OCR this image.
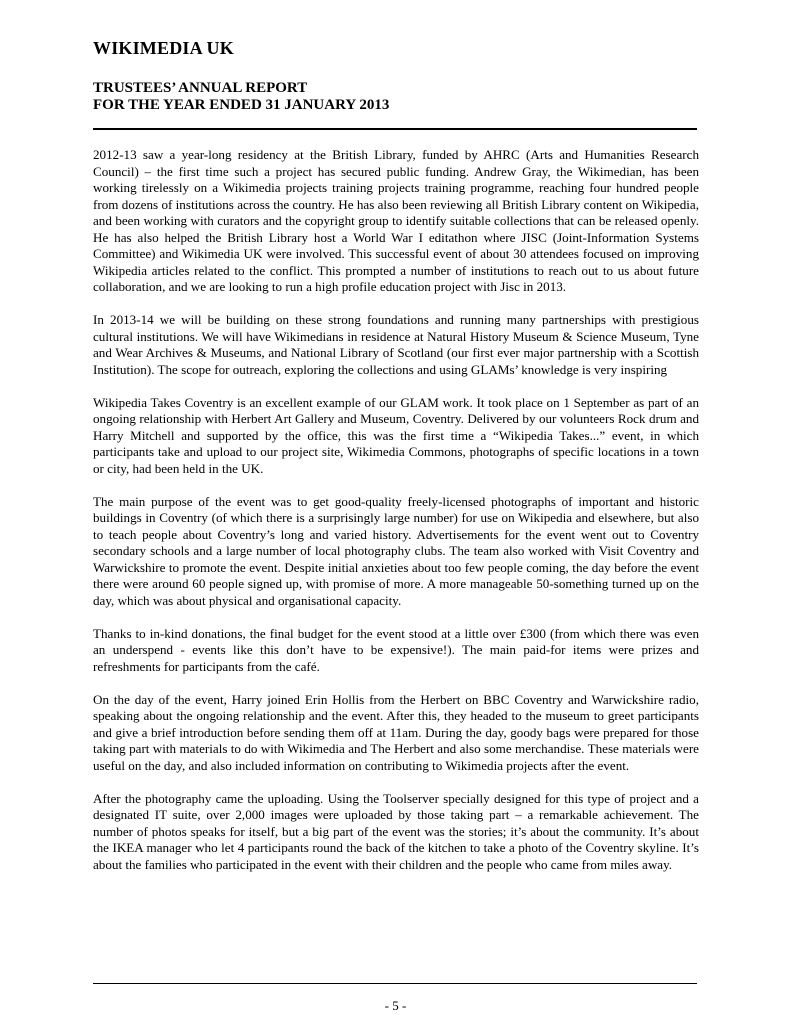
WIKIMEDIA UK
TRUSTEES’ ANNUAL REPORT
FOR THE YEAR ENDED 31 JANUARY 2013

2012-13 saw a year-long residency at the British Library, funded by AHRC (Arts and Humanities Research Council) – the first time such a project has secured public funding. Andrew Gray, the Wikimedian, has been working tirelessly on a Wikimedia projects training projects training programme, reaching four hundred people from dozens of institutions across the country. He has also been reviewing all British Library content on Wikipedia, and been working with curators and the copyright group to identify suitable collections that can be released openly. He has also helped the British Library host a World War I editathon where JISC (Joint-Information Systems Committee) and Wikimedia UK were involved. This successful event of about 30 attendees focused on improving Wikipedia articles related to the conflict. This prompted a number of institutions to reach out to us about future collaboration, and we are looking to run a high profile education project with Jisc in 2013.

In 2013-14 we will be building on these strong foundations and running many partnerships with prestigious cultural institutions. We will have Wikimedians in residence at Natural History Museum & Science Museum, Tyne and Wear Archives & Museums, and National Library of Scotland (our first ever major partnership with a Scottish Institution). The scope for outreach, exploring the collections and using GLAMs’ knowledge is very inspiring

Wikipedia Takes Coventry is an excellent example of our GLAM work. It took place on 1 September as part of an ongoing relationship with Herbert Art Gallery and Museum, Coventry. Delivered by our volunteers Rock drum and Harry Mitchell and supported by the office, this was the first time a “Wikipedia Takes...” event, in which participants take and upload to our project site, Wikimedia Commons, photographs of specific locations in a town or city, had been held in the UK.

The main purpose of the event was to get good-quality freely-licensed photographs of important and historic buildings in Coventry (of which there is a surprisingly large number) for use on Wikipedia and elsewhere, but also to teach people about Coventry’s long and varied history. Advertisements for the event went out to Coventry secondary schools and a large number of local photography clubs. The team also worked with Visit Coventry and Warwickshire to promote the event. Despite initial anxieties about too few people coming, the day before the event there were around 60 people signed up, with promise of more. A more manageable 50-something turned up on the day, which was about physical and organisational capacity.

Thanks to in-kind donations, the final budget for the event stood at a little over £300 (from which there was even an underspend - events like this don’t have to be expensive!). The main paid-for items were prizes and refreshments for participants from the café.

On the day of the event, Harry joined Erin Hollis from the Herbert on BBC Coventry and Warwickshire radio, speaking about the ongoing relationship and the event. After this, they headed to the museum to greet participants and give a brief introduction before sending them off at 11am. During the day, goody bags were prepared for those taking part with materials to do with Wikimedia and The Herbert and also some merchandise. These materials were useful on the day, and also included information on contributing to Wikimedia projects after the event.

After the photography came the uploading. Using the Toolserver specially designed for this type of project and a designated IT suite, over 2,000 images were uploaded by those taking part – a remarkable achievement. The number of photos speaks for itself, but a big part of the event was the stories; it’s about the community. It’s about the IKEA manager who let 4 participants round the back of the kitchen to take a photo of the Coventry skyline. It’s about the families who participated in the event with their children and the people who came from miles away.

- 5 -
